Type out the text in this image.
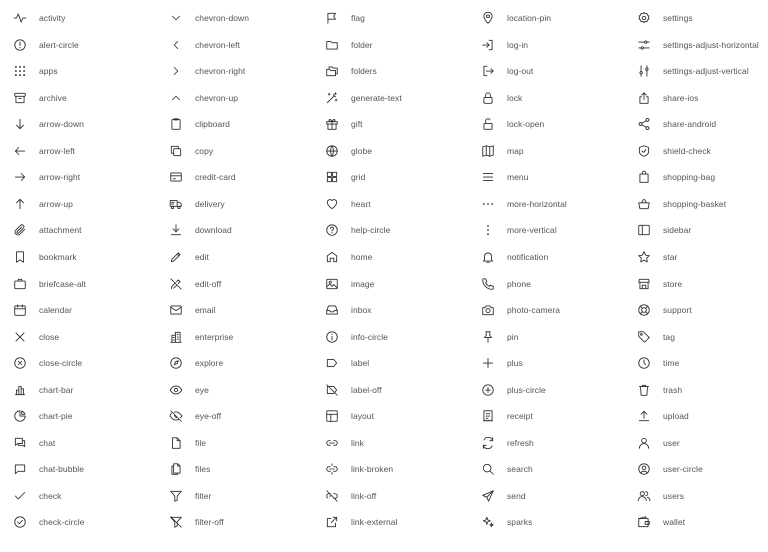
activity
alert-circle
apps
archive
arrow-down
arrow-left
arrow-right
arrow-up
attachment
bookmark
briefcase-alt
calendar
close
close-circle
chart-bar
chart-pie
chat
chat-bubble
check
check-circle
chevron-down
chevron-left
chevron-right
chevron-up
clipboard
copy
credit-card
delivery
download
edit
edit-off
email
enterprise
explore
eye
eye-off
file
files
filter
filter-off
flag
folder
folders
generate-text
gift
globe
grid
heart
help-circle
home
image
inbox
info-circle
label
label-off
layout
link
link-broken
link-off
link-external
location-pin
log-in
log-out
lock
lock-open
map
menu
more-horizontal
more-vertical
notification
phone
photo-camera
pin
plus
plus-circle
receipt
refresh
search
send
sparks
settings
settings-adjust-horizontal
settings-adjust-vertical
share-ios
share-android
shield-check
shopping-bag
shopping-basket
sidebar
star
store
support
tag
time
trash
upload
user
user-circle
users
wallet
